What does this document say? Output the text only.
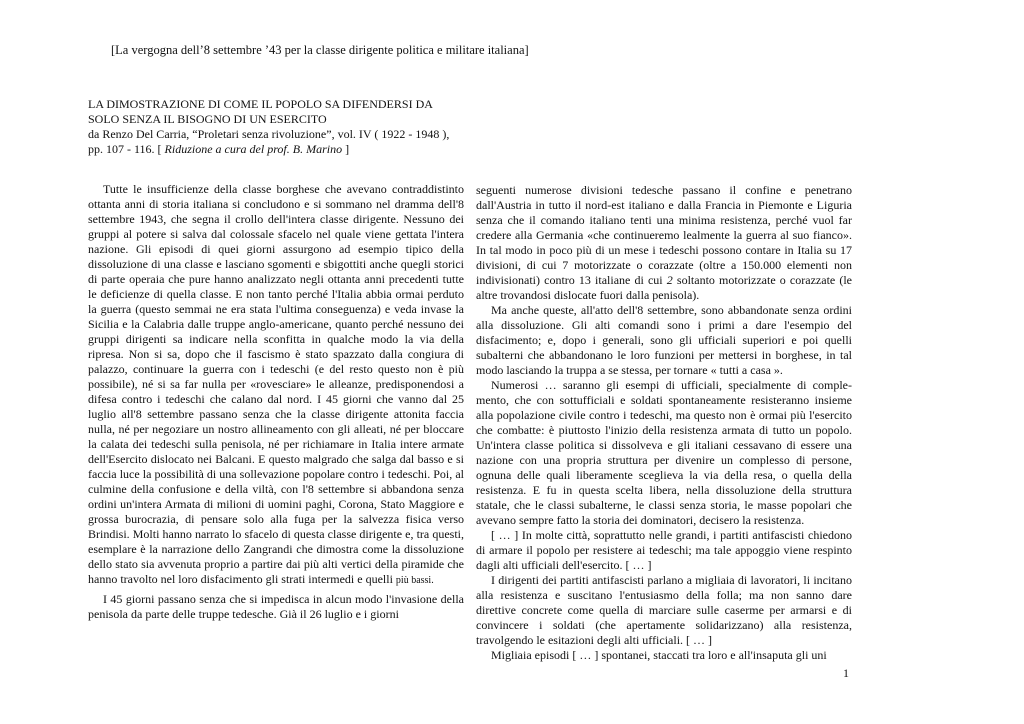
[La vergogna dell’8 settembre ’43 per la classe dirigente politica e militare italiana]
LA DIMOSTRAZIONE DI COME IL POPOLO SA DIFENDERSI DA
SOLO SENZA IL BISOGNO DI UN ESERCITO
da Renzo Del Carria, “Proletari senza rivoluzione”, vol. IV ( 1922 - 1948 ),
pp. 107 - 116. [ Riduzione a cura del prof. B. Marino ]

Tutte le insufficienze della classe borghese che avevano contraddistinto ottanta anni di storia italiana si concludono e si sommano nel dramma dell'8 settembre 1943, che segna il crollo dell'intera classe dirigente. Nessuno dei gruppi al potere si salva dal colossale sfacelo nel quale viene gettata l'intera nazione. Gli episodi di quei giorni assurgono ad esempio tipico della dissoluzione di una classe e lasciano sgomenti e sbigottiti anche quegli storici di parte operaia che pure hanno analizzato negli ottanta anni precedenti tutte le deficienze di quella classe. E non tanto perché l'Italia abbia ormai perduto la guerra (questo semmai ne era stata l'ultima conseguenza) e veda invase la Sicilia e la Calabria dalle truppe anglo-americane, quanto perché nessuno dei gruppi dirigenti sa indicare nella sconfitta in qualche modo la via della ripresa. Non si sa, dopo che il fascismo è stato spazzato dalla congiura di palazzo, continuare la guerra con i tedeschi (e del resto questo non è più possibile), né si sa far nulla per «rovesciare» le alleanze, predisponendosi a difesa contro i tedeschi che calano dal nord. I 45 giorni che vanno dal 25 luglio all'8 settembre passano senza che la classe dirigente attonita faccia nulla, né per negoziare un nostro allineamento con gli alleati, né per bloccare la calata dei tedeschi sulla penisola, né per richiamare in Italia intere armate dell'Esercito dislocato nei Balcani. E questo malgrado che salga dal basso e si faccia luce la possibilità di una sollevazione popolare contro i tedeschi. Poi, al culmine della confusione e della viltà, con l'8 settembre si abbandona senza ordini un'intera Armata di milioni di uomini paghi, Corona, Stato Maggiore e grossa burocrazia, di pensare solo alla fuga per la salvezza fisica verso Brindisi. Molti hanno narrato lo sfacelo di questa classe dirigente e, tra questi, esemplare è la narrazione dello Zangrandi che dimostra come la dissoluzione dello stato sia avvenuta proprio a partire dai più alti vertici della piramide che hanno travolto nel loro disfacimento gli strati intermedi e quelli più bassi.

I 45 giorni passano senza che si impedisca in alcun modo l'invasione della penisola da parte delle truppe tedesche. Già il 26 luglio e i giorni

seguenti numerose divisioni tedesche passano il confine e penetrano dall'Austria in tutto il nord-est italiano e dalla Francia in Piemonte e Liguria senza che il comando italiano tenti una minima resistenza, perché vuol far credere alla Germania «che continueremo lealmente la guerra al suo fianco». In tal modo in poco più di un mese i tedeschi possono contare in Italia su 17 divisioni, di cui 7 motorizzate o corazzate (oltre a 150.000 elementi non indivisionati) contro 13 italiane di cui 2 soltanto motorizzate o corazzate (le altre trovandosi dislocate fuori dalla penisola).

Ma anche queste, all'atto dell'8 settembre, sono abbandonate senza ordini alla dissoluzione. Gli alti comandi sono i primi a dare l'esempio del disfacimento; e, dopo i generali, sono gli ufficiali superiori e poi quelli subalterni che abbandonano le loro funzioni per mettersi in borghese, in tal modo lasciando la truppa a se stessa, per tornare « tutti a casa ».

Numerosi … saranno gli esempi di ufficiali, specialmente di comple-mento, che con sottufficiali e soldati spontaneamente resisteranno insieme alla popolazione civile contro i tedeschi, ma questo non è ormai più l'esercito che combatte: è piuttosto l'inizio della resistenza armata di tutto un popolo. Un'intera classe politica si dissolveva e gli italiani cessavano di essere una nazione con una propria struttura per divenire un complesso di persone, ognuna delle quali liberamente sceglieva la via della resa, o quella della resistenza. E fu in questa scelta libera, nella dissoluzione della struttura statale, che le classi subalterne, le classi senza storia, le masse popolari che avevano sempre fatto la storia dei dominatori, decisero la resistenza.

[ … ] In molte città, soprattutto nelle grandi, i partiti antifascisti chiedono di armare il popolo per resistere ai tedeschi; ma tale appoggio viene respinto dagli alti ufficiali dell'esercito. [ … ]

I dirigenti dei partiti antifascisti parlano a migliaia di lavoratori, li incitano alla resistenza e suscitano l'entusiasmo della folla; ma non sanno dare direttive concrete come quella di marciare sulle caserme per armarsi e di convincere i soldati (che apertamente solidarizzano) alla resistenza, travolgendo le esitazioni degli alti ufficiali. [ … ]

Migliaia episodi [ … ] spontanei, staccati tra loro e all'insaputa gli uni

1
